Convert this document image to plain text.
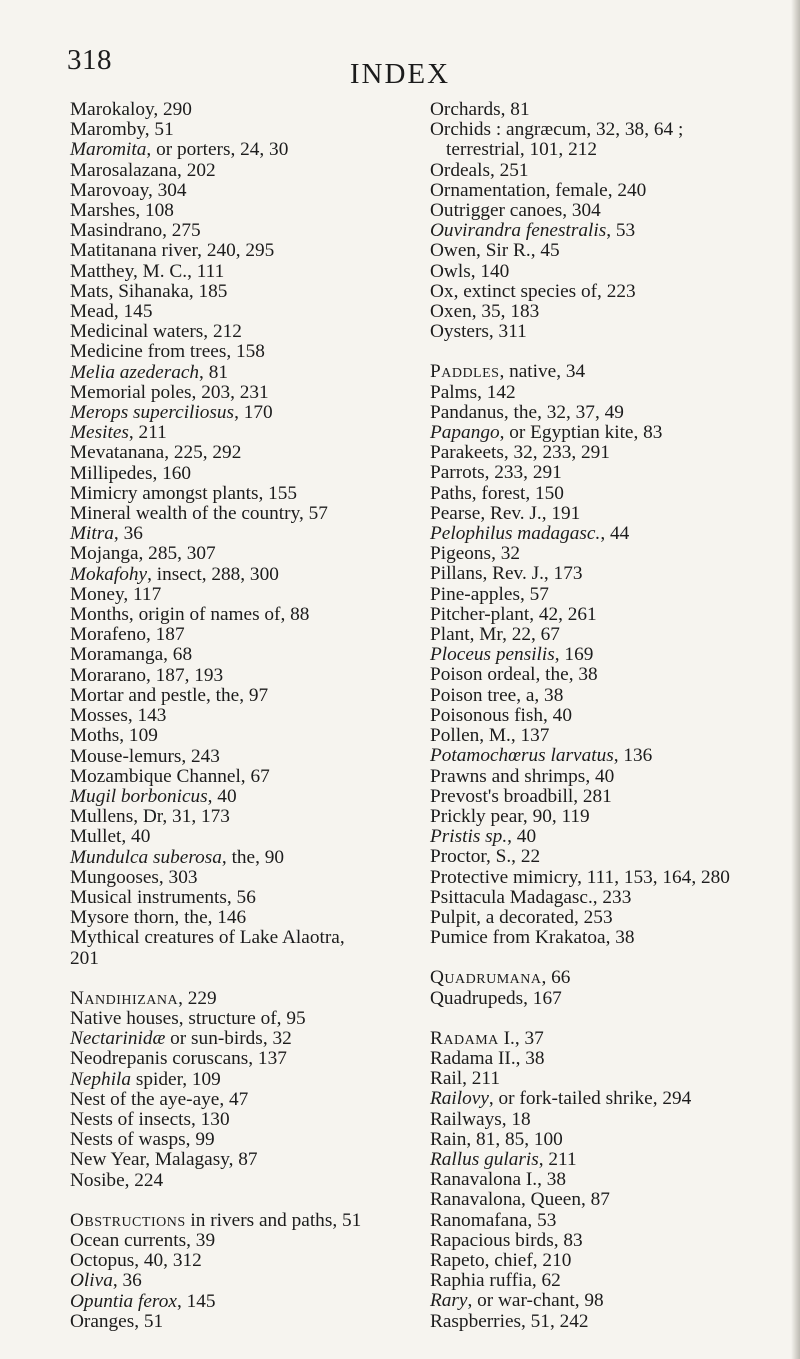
318	INDEX
Marokaloy, 290
Maromby, 51
Maromita, or porters, 24, 30
Marosalazana, 202
Marovoay, 304
Marshes, 108
Masindrano, 275
Matitanana river, 240, 295
Matthey, M. C., 111
Mats, Sihanaka, 185
Mead, 145
Medicinal waters, 212
Medicine from trees, 158
Melia azederach, 81
Memorial poles, 203, 231
Merops superciliosus, 170
Mesites, 211
Mevatanana, 225, 292
Millipedes, 160
Mimicry amongst plants, 155
Mineral wealth of the country, 57
Mitra, 36
Mojanga, 285, 307
Mokafohy, insect, 288, 300
Money, 117
Months, origin of names of, 88
Morafeno, 187
Moramanga, 68
Morarano, 187, 193
Mortar and pestle, the, 97
Mosses, 143
Moths, 109
Mouse-lemurs, 243
Mozambique Channel, 67
Mugil borbonicus, 40
Mullens, Dr, 31, 173
Mullet, 40
Mundulca suberosa, the, 90
Mungooses, 303
Musical instruments, 56
Mysore thorn, the, 146
Mythical creatures of Lake Alaotra,
201
Nandihizana, 229
Native houses, structure of, 95
Nectarinidæ or sun-birds, 32
Neodrepanis coruscans, 137
Nephila spider, 109
Nest of the aye-aye, 47
Nests of insects, 130
Nests of wasps, 99
New Year, Malagasy, 87
Nosibe, 224
Obstructions in rivers and paths, 51
Ocean currents, 39
Octopus, 40, 312
Oliva, 36
Opuntia ferox, 145
Oranges, 51
Orchards, 81
Orchids : angræcum, 32, 38, 64 ;
terrestrial, 101, 212
Ordeals, 251
Ornamentation, female, 240
Outrigger canoes, 304
Ouvirandra fenestralis, 53
Owen, Sir R., 45
Owls, 140
Ox, extinct species of, 223
Oxen, 35, 183
Oysters, 311
Paddles, native, 34
Palms, 142
Pandanus, the, 32, 37, 49
Papango, or Egyptian kite, 83
Parakeets, 32, 233, 291
Parrots, 233, 291
Paths, forest, 150
Pearse, Rev. J., 191
Pelophilus madagasc., 44
Pigeons, 32
Pillans, Rev. J., 173
Pine-apples, 57
Pitcher-plant, 42, 261
Plant, Mr, 22, 67
Ploceus pensilis, 169
Poison ordeal, the, 38
Poison tree, a, 38
Poisonous fish, 40
Pollen, M., 137
Potamochœrus larvatus, 136
Prawns and shrimps, 40
Prevost's broadbill, 281
Prickly pear, 90, 119
Pristis sp., 40
Proctor, S., 22
Protective mimicry, 111, 153, 164, 280
Psittacula Madagasc., 233
Pulpit, a decorated, 253
Pumice from Krakatoa, 38
Quadrumana, 66
Quadrupeds, 167
Radama I., 37
Radama II., 38
Rail, 211
Railovy, or fork-tailed shrike, 294
Railways, 18
Rain, 81, 85, 100
Rallus gularis, 211
Ranavalona I., 38
Ranavalona, Queen, 87
Ranomafana, 53
Rapacious birds, 83
Rapeto, chief, 210
Raphia ruffia, 62
Rary, or war-chant, 98
Raspberries, 51, 242
